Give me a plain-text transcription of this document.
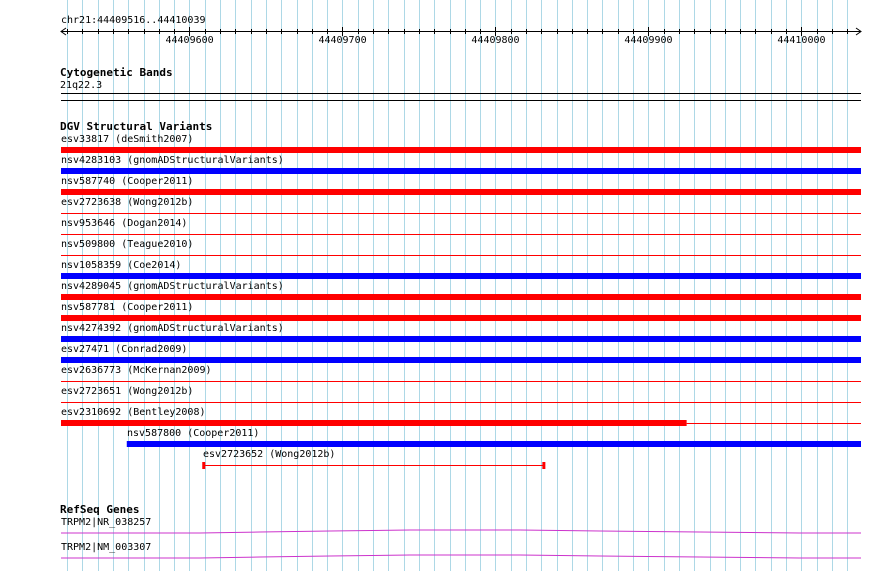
chr21:44409516..44410039
44409600	44409700	44409800	44409900	44410000
Cytogenetic Bands
21q22.3
DGV Structural Variants
esv33817 (deSmith2007)
nsv4283103 (gnomADStructuralVariants)
nsv587740 (Cooper2011)
esv2723638 (Wong2012b)
nsv953646 (Dogan2014)
nsv509800 (Teague2010)
nsv1058359 (Coe2014)
nsv4289045 (gnomADStructuralVariants)
nsv587781 (Cooper2011)
nsv4274392 (gnomADStructuralVariants)
esv27471 (Conrad2009)
esv2636773 (McKernan2009)
esv2723651 (Wong2012b)
esv2310692 (Bentley2008)
nsv587800 (Cooper2011)
esv2723652 (Wong2012b)
RefSeq Genes
TRPM2|NR_038257
TRPM2|NM_003307
